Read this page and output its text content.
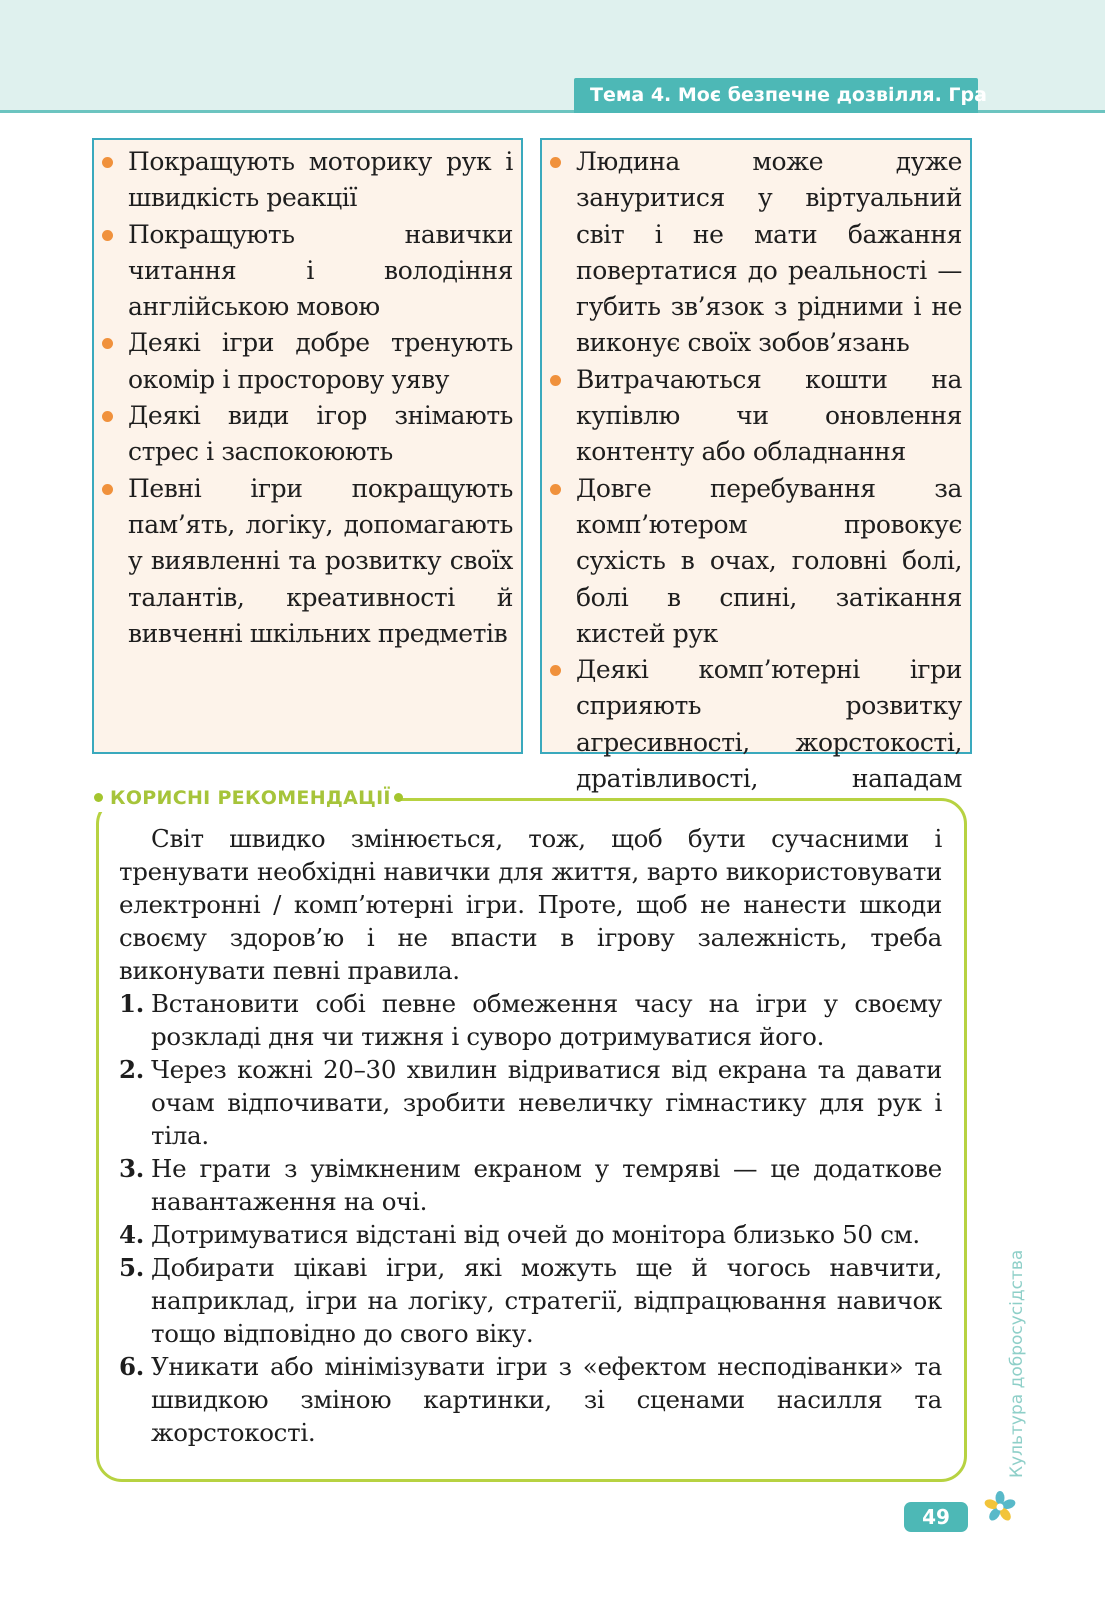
Тема 4. Моє безпечне дозвілля. Гра
Покращують моторику рук і швидкість реакції
Покращують навички читання і володіння англійською мовою
Деякі ігри добре тренують окомір і просторову уяву
Деякі види ігор знімають стрес і заспокоюють
Певні ігри покращують пам’ять, логіку, допомагають у виявленні та розвитку своїх талантів, креативності й вивченні шкільних предметів
Людина може дуже зануритися у віртуальний світ і не мати бажання повертатися до реальності — губить зв’язок з рідними і не виконує своїх зобов’язань
Витрачаються кошти на купівлю чи оновлення контенту або обладнання
Довге перебування за комп’ютером провокує сухість в очах, головні болі, болі в спині, затікання кистей рук
Деякі комп’ютерні ігри сприяють розвитку агресивності, жорстокості, дратівливості, нападам
КОРИСНІ РЕКОМЕНДАЦІЇ

Світ швидко змінюється, тож, щоб бути сучасними і тренувати необхідні навички для життя, варто використовувати електронні / комп’ютерні ігри. Проте, щоб не нанести шкоди своєму здоров’ю і не впасти в ігрову залежність, треба виконувати певні правила.

1. Встановити собі певне обмеження часу на ігри у своєму розкладі дня чи тижня і суворо дотримуватися його.
2. Через кожні 20–30 хвилин відриватися від екрана та давати очам відпочивати, зробити невеличку гімнастику для рук і тіла.
3. Не грати з увімкненим екраном у темряві — це додаткове навантаження на очі.
4. Дотримуватися відстані від очей до монітора близько 50 см.
5. Добирати цікаві ігри, які можуть ще й чогось навчити, наприклад, ігри на логіку, стратегії, відпрацювання навичок тощо відповідно до свого віку.
6. Уникати або мінімізувати ігри з «ефектом несподіванки» та швидкою зміною картинки, зі сценами насилля та жорстокості.	Культура добросусідства
49
